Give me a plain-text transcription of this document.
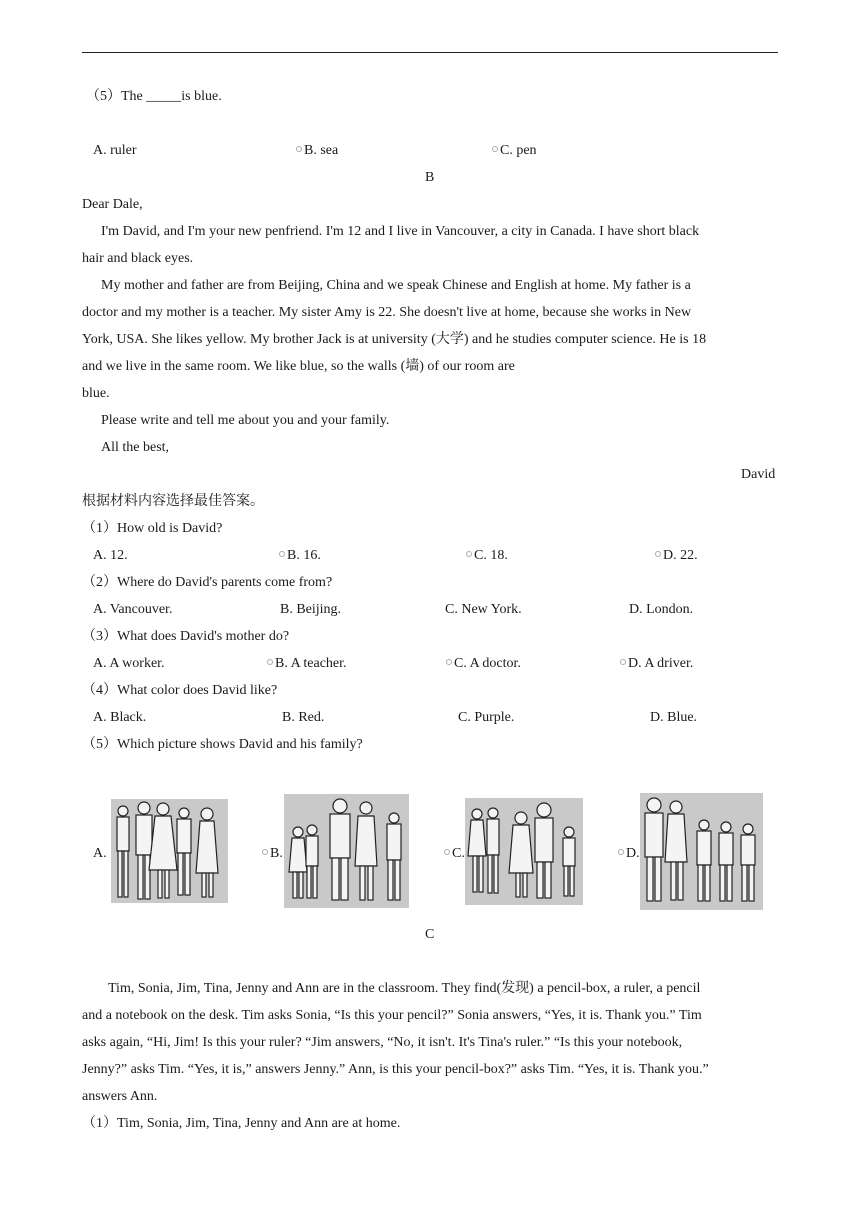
（5）The _____is blue.
A. ruler	B. sea	C. pen
B
Dear Dale,
I'm David, and I'm your new penfriend. I'm 12 and I live in Vancouver, a city in Canada. I have short black
hair and black eyes.
My mother and father are from Beijing, China and we speak Chinese and English at home. My father is a
doctor and my mother is a teacher. My sister Amy is 22. She doesn't live at home, because she works in New
York, USA. She likes yellow. My brother Jack is at university (大学) and he studies computer science. He is 18
and we live in the same room. We like blue, so the walls (墙) of our room are
blue.
Please write and tell me about you and your family.
All the best,
David
根据材料内容选择最佳答案。
（1）How old is David?
A. 12.	B. 16.	C. 18.	D. 22.
（2）Where do David's parents come from?
A. Vancouver.	B. Beijing.	C. New York.	D. London.
（3）What does David's mother do?
A. A worker.	B. A teacher.	C. A doctor.	D. A driver.
（4）What color does David like?
A. Black.	B. Red.	C. Purple.	D. Blue.
（5）Which picture shows David and his family?
A.	B.	C.	D.
C
Tim, Sonia, Jim, Tina, Jenny and Ann are in the classroom. They find(发现) a pencil-box, a ruler, a pencil
and a notebook on the desk. Tim asks Sonia, “Is this your pencil?” Sonia answers, “Yes, it is. Thank you.” Tim
asks again, “Hi, Jim! Is this your ruler? “Jim answers, “No, it isn't. It's Tina's ruler.” “Is this your notebook,
Jenny?” asks Tim. “Yes, it is,” answers Jenny.” Ann, is this your pencil-box?” asks Tim. “Yes, it is. Thank you.”
answers Ann.
（1）Tim, Sonia, Jim, Tina, Jenny and Ann are at home.
